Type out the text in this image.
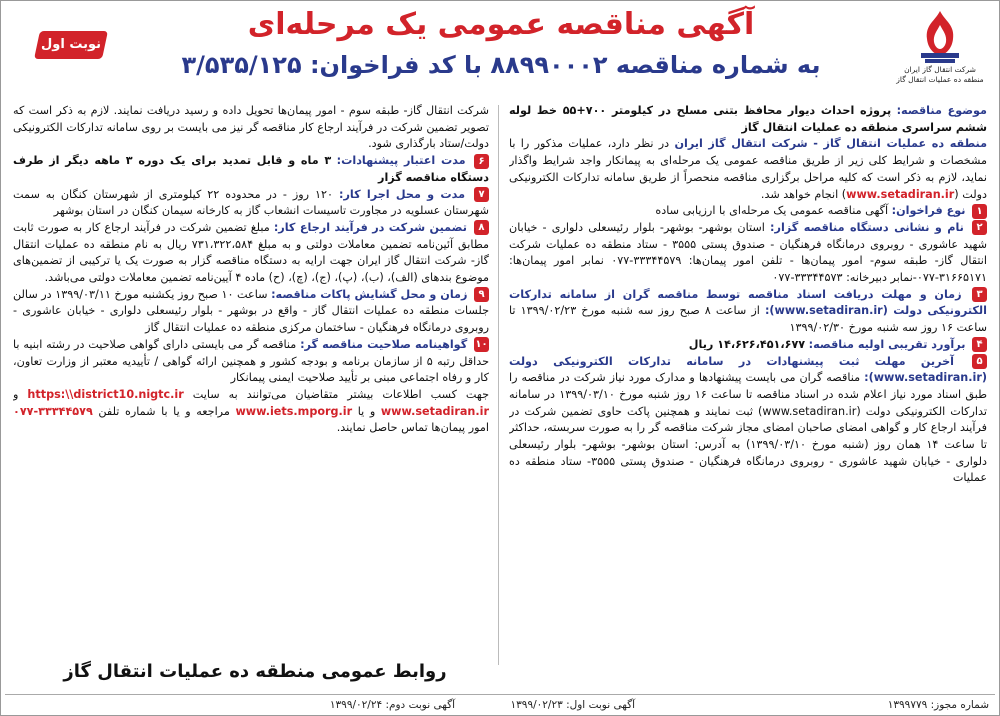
شرکت انتقال گاز ایران
منطقه ده عملیات انتقال گاز
آگهی مناقصه عمومی یک مرحله‌ای
به شماره مناقصه ۸۸۹۹۰۰۰۲ با کد فراخوان: ۳/۵۳۵/۱۲۵
نوبت اول

موضوع مناقصه: پروژه احداث دیوار محافظ بتنی مسلح در کیلومتر ۷۰۰+۵۵ خط لوله ششم سراسری منطقه ده عملیات انتقال گاز

منطقه ده عملیات انتقال گاز - شرکت انتقال گاز ایران در نظر دارد، عملیات مذکور را با مشخصات و شرایط کلی زیر از طریق مناقصه عمومی یک مرحله‌ای به پیمانکار واجد شرایط واگذار نماید، لازم به ذکر است که کلیه مراحل برگزاری مناقصه منحصراً از طریق سامانه تدارکات الکترونیکی دولت (www.setadiran.ir) انجام خواهد شد.

۱ نوع فراخوان: آگهی مناقصه عمومی یک مرحله‌ای با ارزیابی ساده

۲ نام و نشانی دستگاه مناقصه گزار: استان بوشهر- بوشهر- بلوار رئیسعلی دلواری - خیابان شهید عاشوری - روبروی درمانگاه فرهنگیان - صندوق پستی ۳۵۵۵ - ستاد منطقه ده عملیات شرکت انتقال گاز- طبقه سوم- امور پیمان‌ها - تلفن امور پیمان‌ها: ۳۳۳۴۴۵۷۹-۰۷۷ نمابر امور پیمان‌ها: ۳۱۶۶۵۱۷۱-۰۷۷-نمابر دبیرخانه: ۳۳۳۴۴۵۷۳-۰۷۷

۳ زمان و مهلت دریافت اسناد مناقصه توسط مناقصه گران از سامانه تدارکات الکترونیکی دولت (www.setadiran.ir): از ساعت ۸ صبح روز سه شنبه مورخ ۱۳۹۹/۰۲/۲۳ تا ساعت ۱۶ روز سه شنبه مورخ ۱۳۹۹/۰۲/۳۰

۴ برآورد تقریبی اولیه مناقصه: ۱۴،۶۲۶،۴۵۱،۶۷۷ ریال

۵ آخرین مهلت ثبت پیشنهادات در سامانه تدارکات الکترونیکی دولت (www.setadiran.ir): مناقصه گران می بایست پیشنهادها و مدارک مورد نیاز شرکت در مناقصه را طبق اسناد مورد نیاز اعلام شده در اسناد مناقصه تا ساعت ۱۶ روز شنبه مورخ ۱۳۹۹/۰۳/۱۰ در سامانه تدارکات الکترونیکی دولت (www.setadiran.ir) ثبت نمایند و همچنین پاکت حاوی تضمین شرکت در فرآیند ارجاع کار و گواهی امضای صاحبان امضای مجاز شرکت مناقصه گر را به صورت سربسته، حداکثر تا ساعت ۱۴ همان روز (شنبه مورخ ۱۳۹۹/۰۳/۱۰) به آدرس: استان بوشهر- بوشهر- بلوار رئیسعلی دلواری - خیابان شهید عاشوری - روبروی درمانگاه فرهنگیان - صندوق پستی ۳۵۵۵- ستاد منطقه ده عملیات

شرکت انتقال گاز- طبقه سوم - امور پیمان‌ها تحویل داده و رسید دریافت نمایند. لازم به ذکر است که تصویر تضمین شرکت در فرآیند ارجاع کار مناقصه گر نیز می بایست بر روی سامانه تدارکات الکترونیکی دولت/ستاد بارگذاری شود.

۶ مدت اعتبار پیشنهادات: ۳ ماه و قابل تمدید برای یک دوره ۳ ماهه دیگر از طرف دستگاه مناقصه گزار

۷ مدت و محل اجرا کار: ۱۲۰ روز - در محدوده ۲۲ کیلومتری از شهرستان کنگان به سمت شهرستان عسلویه در مجاورت تاسیسات انشعاب گاز به کارخانه سیمان کنگان در استان بوشهر

۸ تضمین شرکت در فرآیند ارجاع کار: مبلغ تضمین شرکت در فرآیند ارجاع کار به صورت ثابت مطابق آئین‌نامه تضمین معاملات دولتی و به مبلغ ۷۳۱،۳۲۲،۵۸۴ ریال به نام منطقه ده عملیات انتقال گاز- شرکت انتقال گاز ایران جهت ارایه به دستگاه مناقصه گزار به صورت یک یا ترکیبی از تضمین‌های موضوع بندهای (الف)، (ب)، (پ)، (ج)، (چ)، (ح) ماده ۴ آیین‌نامه تضمین معاملات دولتی می‌باشد.

۹ زمان و محل گشایش پاکات مناقصه: ساعت ۱۰ صبح روز یکشنبه مورخ ۱۳۹۹/۰۳/۱۱ در سالن جلسات منطقه ده عملیات انتقال گاز - واقع در بوشهر - بلوار رئیسعلی دلواری - خیابان عاشوری - روبروی درمانگاه فرهنگیان - ساختمان مرکزی منطقه ده عملیات انتقال گاز

۱۰ گواهینامه صلاحیت مناقصه گر: مناقصه گر می بایستی دارای گواهی صلاحیت در رشته ابنیه با حداقل رتبه ۵ از سازمان برنامه و بودجه کشور و همچنین ارائه گواهی / تأییدیه معتبر از وزارت تعاون، کار و رفاه اجتماعی مبنی بر تأیید صلاحیت ایمنی پیمانکار

جهت کسب اطلاعات بیشتر متقاضیان می‌توانند به سایت https:\\district10.nigtc.ir و www.setadiran.ir و یا www.iets.mporg.ir مراجعه و یا با شماره تلفن ۳۳۳۴۴۵۷۹-۰۷۷ امور پیمان‌ها تماس حاصل نمایند.

روابط عمومی منطقه ده عملیات انتقال گاز
شماره مجوز: ۱۳۹۹۷۷۹
آگهی نوبت اول: ۱۳۹۹/۰۲/۲۳
آگهی نوبت دوم: ۱۳۹۹/۰۲/۲۴
